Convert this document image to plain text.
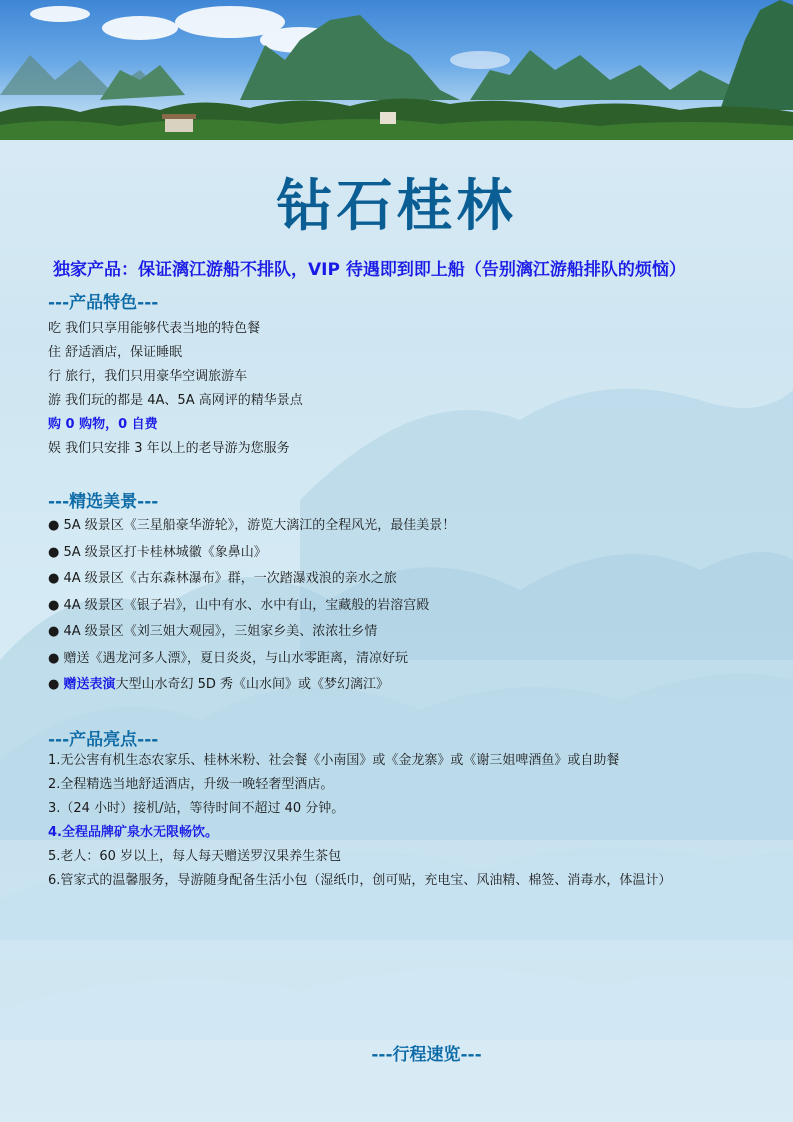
钻石桂林
独家产品：保证漓江游船不排队，VIP 待遇即到即上船（告别漓江游船排队的烦恼）
---产品特色---
吃 我们只享用能够代表当地的特色餐
住 舒适酒店，保证睡眠
行 旅行，我们只用豪华空调旅游车
游 我们玩的都是 4A、5A 高网评的精华景点
购 0 购物，0 自费
娱 我们只安排 3 年以上的老导游为您服务
---精选美景---
● 5A 级景区《三星船豪华游轮》，游览大漓江的全程风光，最佳美景！
● 5A 级景区打卡桂林城徽《象鼻山》
● 4A 级景区《古东森林瀑布》群，一次踏瀑戏浪的亲水之旅
● 4A 级景区《银子岩》，山中有水、水中有山，宝藏般的岩溶宫殿
● 4A 级景区《刘三姐大观园》，三姐家乡美、浓浓壮乡情
● 赠送《遇龙河多人漂》，夏日炎炎，与山水零距离，清凉好玩
● 赠送表演大型山水奇幻 5D 秀《山水间》或《梦幻漓江》
---产品亮点---
1.无公害有机生态农家乐、桂林米粉、社会餐《小南国》或《金龙寨》或《谢三姐啤酒鱼》或自助餐
2.全程精选当地舒适酒店，升级一晚轻奢型酒店。
3.（24 小时）接机/站，等待时间不超过 40 分钟。
4.全程品牌矿泉水无限畅饮。
5.老人：60 岁以上，每人每天赠送罗汉果养生茶包
6.管家式的温馨服务，导游随身配备生活小包（湿纸巾，创可贴，充电宝、风油精、棉签、消毒水，体温计）
---行程速览---
